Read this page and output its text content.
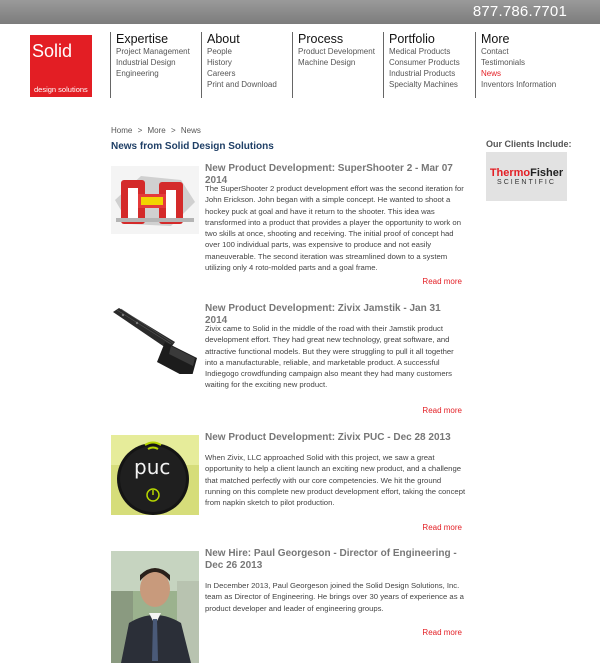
877.786.7701
Solid
design solutions
Expertise
Project Management
Industrial Design
Engineering
About
People
History
Careers
Print and Download
Process
Product Development
Machine Design
Portfolio
Medical Products
Consumer Products
Industrial Products
Specialty Machines
More
Contact
Testimonials
News
Inventors Information
Home > More > News
News from Solid Design Solutions	Our Clients Include:
ThermoFisher
SCIENTIFIC
New Product Development: SuperShooter 2 - Mar 07 2014
The SuperShooter 2 product development effort was the second iteration for John Erickson. John began with a simple concept. He wanted to shoot a hockey puck at goal and have it return to the shooter. This idea was transformed into a product that provides a player the opportunity to work on two skills at once, shooting and receiving. The initial proof of concept had over 100 individual parts, was expensive to produce and not easily maneuverable. The second iteration was streamlined down to a system utilizing only 4 roto-molded parts and a goal frame.
Read more
New Product Development: Zivix Jamstik - Jan 31 2014
Zivix came to Solid in the middle of the road with their Jamstik product development effort. They had great new technology, great software, and attractive functional models. But they were struggling to pull it all together into a manufacturable, reliable, and marketable product. A successful Indiegogo crowdfunding campaign also meant they had many customers waiting for the exciting new product.
Read more
puc
New Product Development: Zivix PUC - Dec 28 2013
When Zivix, LLC approached Solid with this project, we saw a great opportunity to help a client launch an exciting new product, and a challenge that matched perfectly with our core competencies. We hit the ground running on this complete new product development effort, taking the concept from napkin sketch to pilot production.
Read more
New Hire: Paul Georgeson - Director of Engineering - Dec 26 2013
In December 2013, Paul Georgeson joined the Solid Design Solutions, Inc. team as Director of Engineering. He brings over 30 years of experience as a product developer and leader of engineering groups.
Read more
